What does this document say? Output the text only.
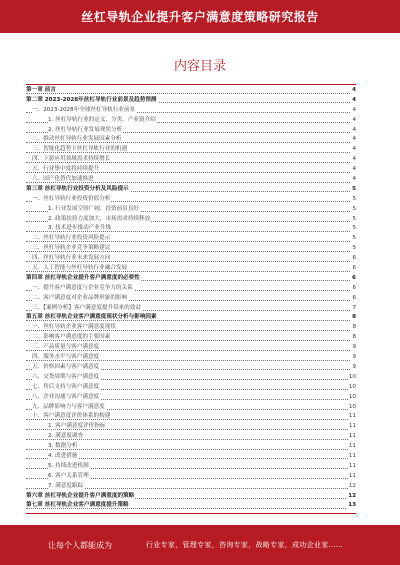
丝杠导轨企业提升客户满意度策略研究报告
内容目录
第一章 前言	4
第二章 2023-2028年丝杠导轨行业前景及趋势预测	4
一、2023-2028年全球丝杠导轨行业前景	4
1. 丝杠导轨行业的定义、分类、产业链介绍	4
2. 丝杠导轨行业发展现状分析	4
二、推动丝杠导轨行业发展因素分析	4
三、智能化趋势下丝杠导轨行业的机遇	4
四、下游应用领域需求持续增长	4
五、行业集中度将持续提升	4
六、国产化替代加速推进	4
第三章 丝杠导轨行业投资分析及风险提示	5
一、丝杠导轨行业投资价值分析	5
1. 行业发展空间广阔，投资前景良好	5
2. 政策扶持力度加大，市场需求持续释放	5
3. 技术进步推动产业升级	5
二、丝杠导轨行业投资风险提示	5
三、丝杠导轨企业竞争策略建议	5
四、丝杠导轨行业未来发展方向	6
五、人工智能与丝杠导轨行业融合发展	6
第四章 丝杠导轨企业提升客户满意度的必要性	6
一、提升客户满意度与企业竞争力的关系	6
二、客户满意度对企业品牌形象的影响	6
三、【案例分析】客户满意度提升带来的效益	7
第五章 丝杠导轨企业客户满意度现状分析与影响因素	8
一、丝杠导轨企业客户满意度现状	8
二、影响客户满意度的主要因素	8
三、产品质量与客户满意度	9
四、服务水平与客户满意度	9
五、价格因素与客户满意度	9
六、交货周期与客户满意度	10
七、售后支持与客户满意度	10
八、企业沟通与客户满意度	10
九、品牌影响力与客户满意度	10
十、客户满意度评价体系的构建	11
1. 客户满意度评价指标	11
2. 满意度调查	11
3. 数据分析	11
4. 改进措施	11
5. 持续改进机制	11
6. 客户关系管理	11
7. 满意度跟踪	12
第六章 丝杠导轨企业提升客户满意度的策略	12
第七章 丝杠导轨企业客户满意度提升策略	13
3
让每个人都能成为	行业专家，管理专家，咨询专家，战略专家，成功企业家……
